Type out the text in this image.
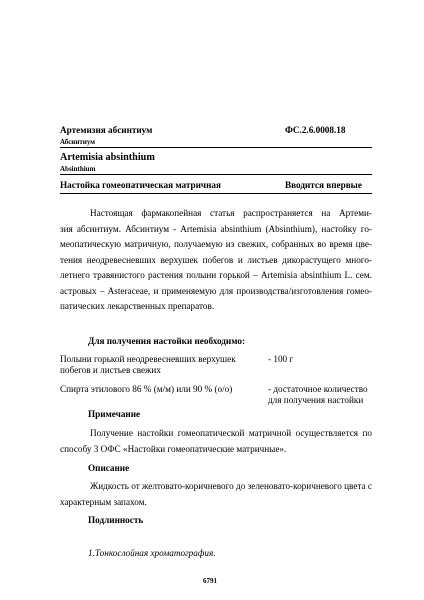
Артемизия абсинтиум	ФС.2.6.0008.18
Абсинтиум
Artemisia absinthium
Absinthium
Настойка гомеопатическая матричная	Вводится впервые
Настоящая фармакопейная статья распространяется на Артеми-
зия абсинтиум. Абсинтиум - Artemisia absinthium (Absinthium), настойку го-
меопатическую матричную, получаемую из свежих, собранных во время цве-
тения неодревесневших верхушек побегов и листьев дикорастущего много-
летнего травянистого растения полыни горькой – Artemisia absinthium L. сем.
астровых – Asteraceae, и применяемую для производства/изготовления гомео-
патических лекарственных препаратов.
Для получения настойки необходимо:
Полыни горькой неодревесневших верхушек
побегов и листьев свежих
- 100 г
Спирта этилового 86 % (м/м) или 90 % (о/о)	- достаточное количество
для получения настойки
Примечание
Получение настойки гомеопатической матричной осуществляется по
способу 3 ОФС «Настойки гомеопатические матричные».
Описание
Жидкость от желтовато-коричневого до зеленовато-коричневого цвета с
характерным запахом.
Подлинность
1.Тонкослойная хроматография.
6791
